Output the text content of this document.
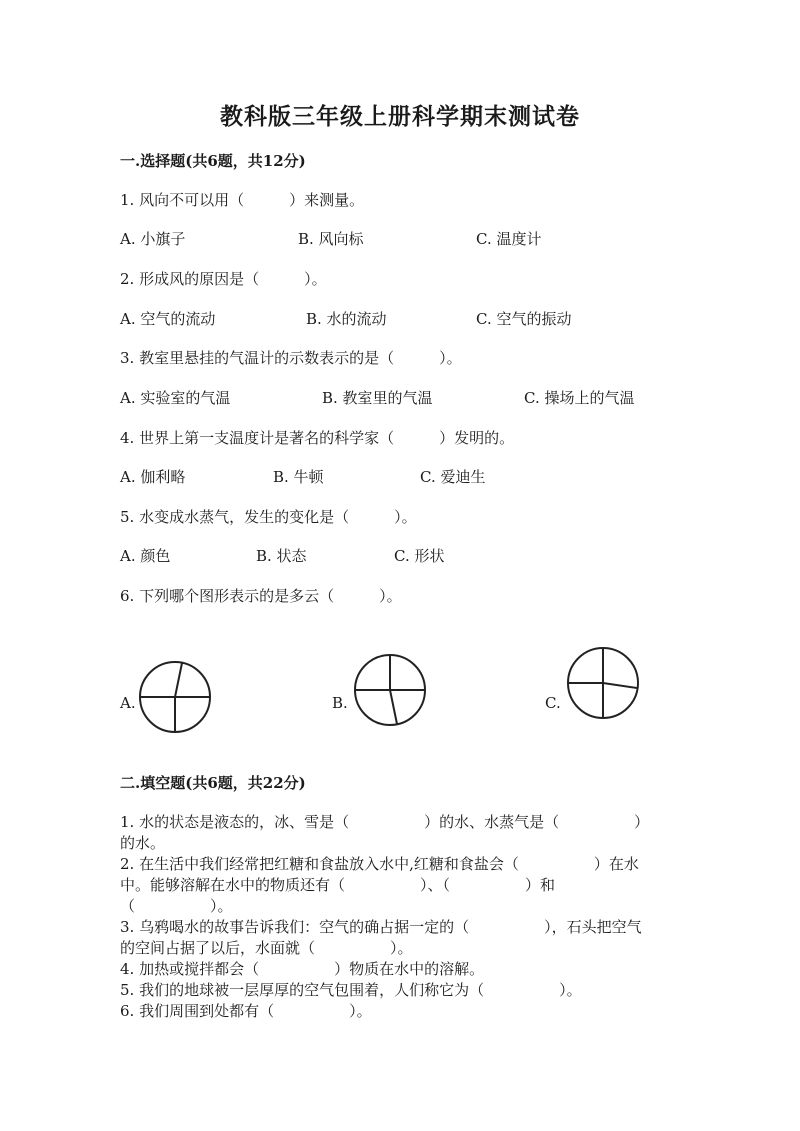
教科版三年级上册科学期末测试卷
一.选择题(共6题，共12分)
1. 风向不可以用（　　　）来测量。
A. 小旗子	B. 风向标	C. 温度计
2. 形成风的原因是（　　　）。
A. 空气的流动	B. 水的流动	C. 空气的振动
3. 教室里悬挂的气温计的示数表示的是（　　　）。
A. 实验室的气温	B. 教室里的气温	C. 操场上的气温
4. 世界上第一支温度计是著名的科学家（　　　）发明的。
A. 伽利略	B. 牛顿	C. 爱迪生
5. 水变成水蒸气，发生的变化是（　　　）。
A. 颜色	B. 状态	C. 形状
6. 下列哪个图形表示的是多云（　　　）。
A.	B.	C.
二.填空题(共6题，共22分)
1. 水的状态是液态的，冰、雪是（　　　　　）的水、水蒸气是（　　　　　）
的水。
2. 在生活中我们经常把红糖和食盐放入水中,红糖和食盐会（　　　　　）在水
中。能够溶解在水中的物质还有（　　　　　）、（　　　　　）和
（　　　　　）。
3. 乌鸦喝水的故事告诉我们：空气的确占据一定的（　　　　　），石头把空气
的空间占据了以后，水面就（　　　　　）。
4. 加热或搅拌都会（　　　　　）物质在水中的溶解。
5. 我们的地球被一层厚厚的空气包围着，人们称它为（　　　　　）。
6. 我们周围到处都有（　　　　　）。
